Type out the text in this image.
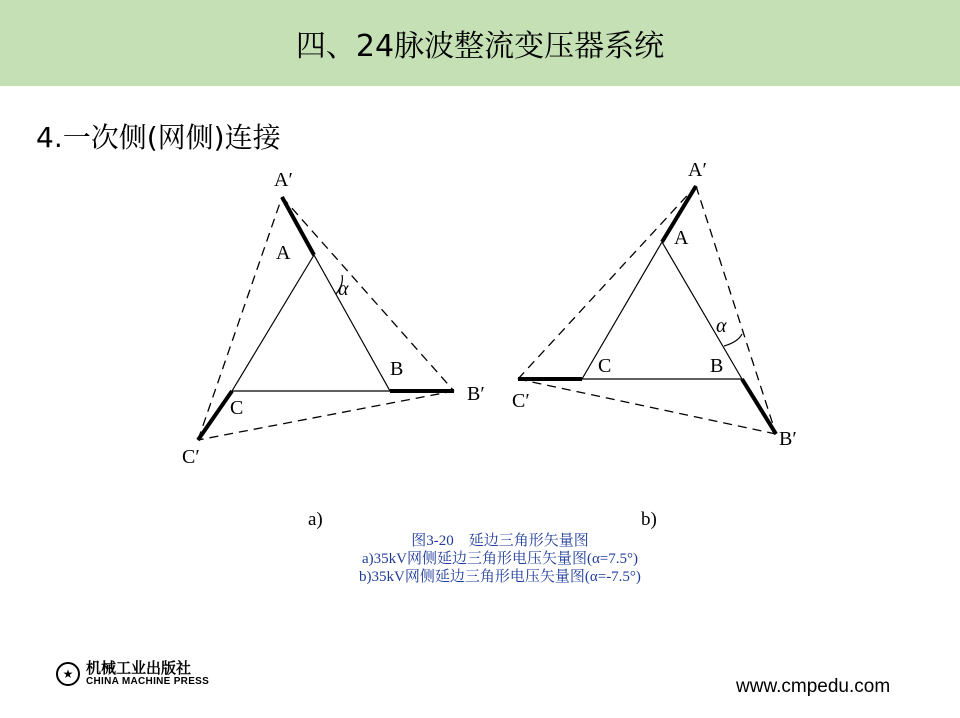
四、24脉波整流变压器系统
4.一次侧(网侧)连接
A′
A
α
B
B′
C
C′
a)
A′
A
α
B
B′
C
C′
b)
图3-20　延边三角形矢量图
a)35kV网侧延边三角形电压矢量图(α=7.5°)
b)35kV网侧延边三角形电压矢量图(α=-7.5°)
★ 机械工业出版社
CHINA MACHINE PRESS	www.cmpedu.com
